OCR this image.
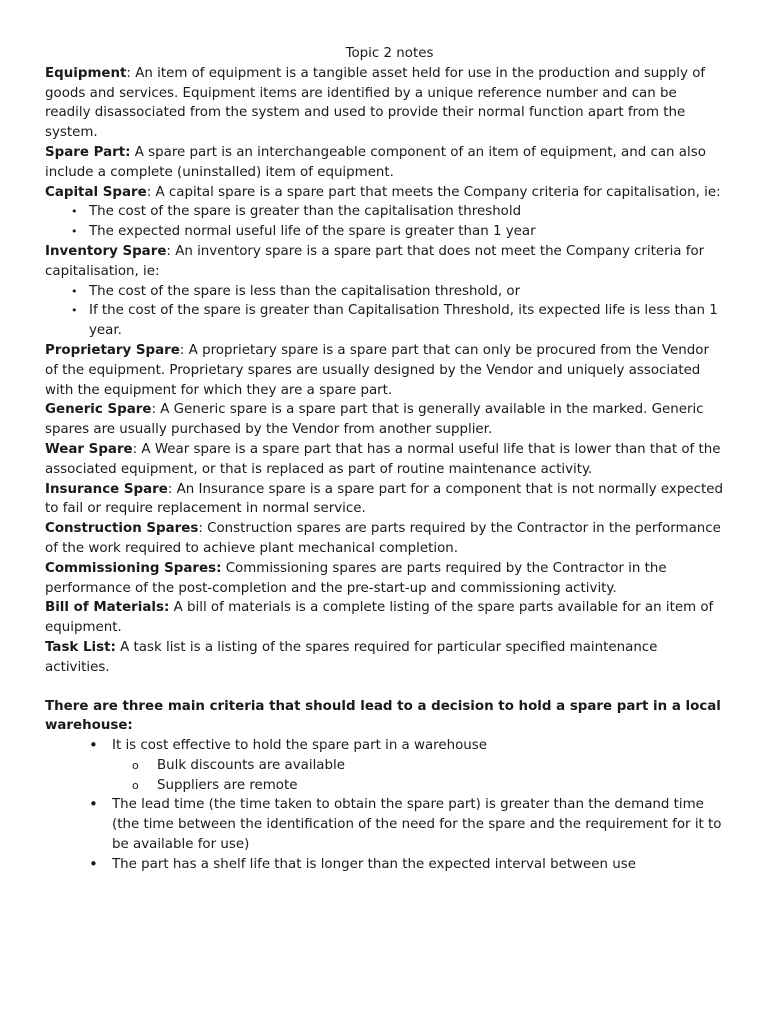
Topic 2 notes

Equipment: An item of equipment is a tangible asset held for use in the production and supply of goods and services. Equipment items are identified by a unique reference number and can be readily disassociated from the system and used to provide their normal function apart from the system.

Spare Part: A spare part is an interchangeable component of an item of equipment, and can also include a complete (uninstalled) item of equipment.

Capital Spare: A capital spare is a spare part that meets the Company criteria for capitalisation, ie:

• The cost of the spare is greater than the capitalisation threshold
• The expected normal useful life of the spare is greater than 1 year

Inventory Spare: An inventory spare is a spare part that does not meet the Company criteria for capitalisation, ie:

• The cost of the spare is less than the capitalisation threshold, or
• If the cost of the spare is greater than Capitalisation Threshold, its expected life is less than 1 year.

Proprietary Spare: A proprietary spare is a spare part that can only be procured from the Vendor of the equipment. Proprietary spares are usually designed by the Vendor and uniquely associated with the equipment for which they are a spare part.

Generic Spare: A Generic spare is a spare part that is generally available in the marked. Generic spares are usually purchased by the Vendor from another supplier.

Wear Spare: A Wear spare is a spare part that has a normal useful life that is lower than that of the associated equipment, or that is replaced as part of routine maintenance activity.

Insurance Spare: An Insurance spare is a spare part for a component that is not normally expected to fail or require replacement in normal service.

Construction Spares: Construction spares are parts required by the Contractor in the performance of the work required to achieve plant mechanical completion.

Commissioning Spares: Commissioning spares are parts required by the Contractor in the performance of the post-completion and the pre-start-up and commissioning activity.

Bill of Materials: A bill of materials is a complete listing of the spare parts available for an item of equipment.

Task List: A task list is a listing of the spares required for particular specified maintenance activities.

There are three main criteria that should lead to a decision to hold a spare part in a local warehouse:
• It is cost effective to hold the spare part in a warehouse
o Bulk discounts are available
o Suppliers are remote
• The lead time (the time taken to obtain the spare part) is greater than the demand time (the time between the identification of the need for the spare and the requirement for it to be available for use)
• The part has a shelf life that is longer than the expected interval between use
